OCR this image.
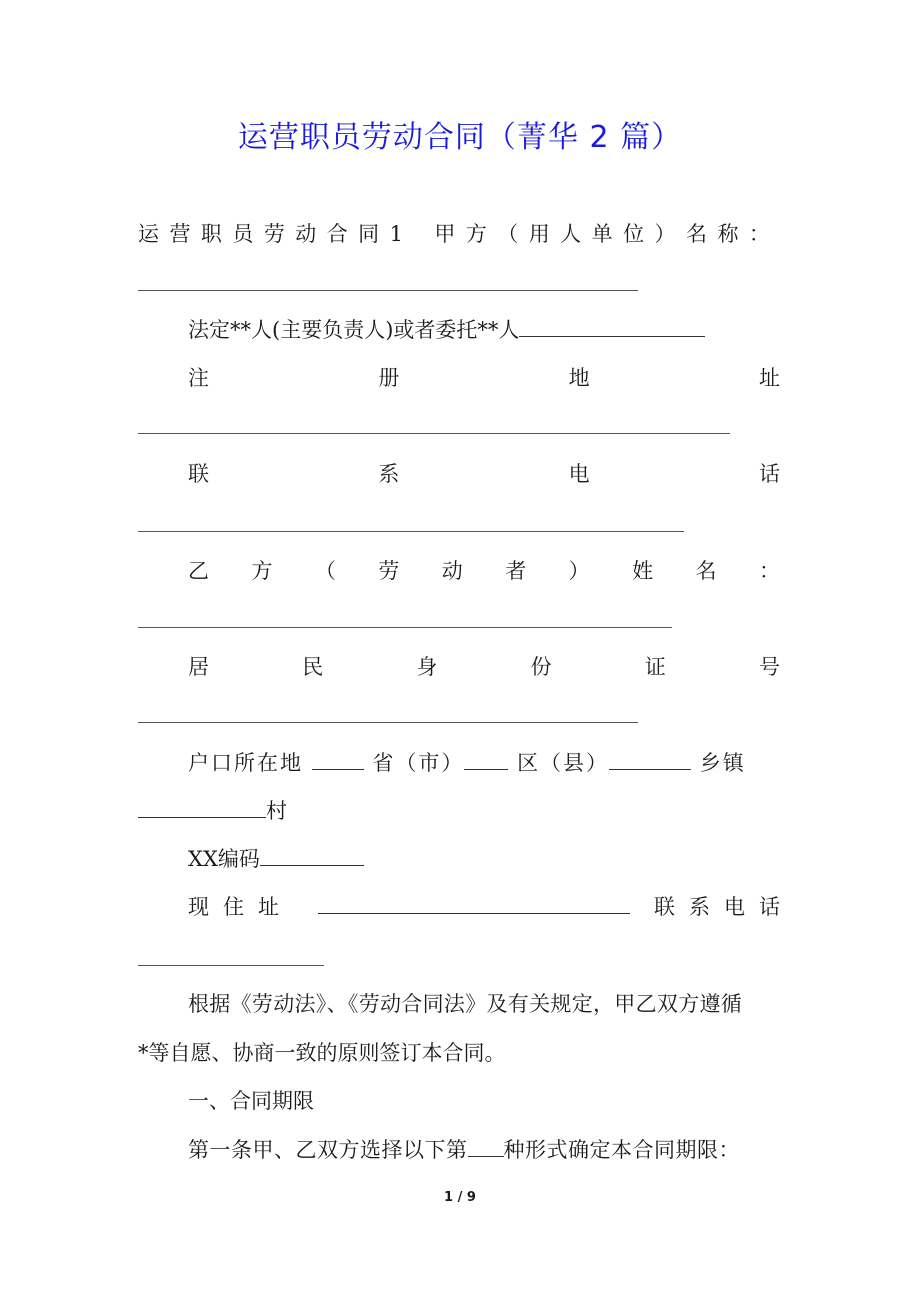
运营职员劳动合同（菁华 2 篇）
运 营 职 员 劳 动 合 同 1 甲 方 （ 用 人 单 位 ） 名 称 ：
法定**人(主要负责人)或者委托**人
注	册	地	址
联	系	电	话
乙 方 （ 劳 动 者 ） 姓 名 ：
居	民	身	份	证	号
户口所在地	省（市）	区（县）	乡镇
村
XX编码
现住址	联系电话
根据《劳动法》、《劳动合同法》及有关规定，甲乙双方遵循
*等自愿、协商一致的原则签订本合同。
一、合同期限
第一条甲、乙双方选择以下第 种形式确定本合同期限：
1 / 9
